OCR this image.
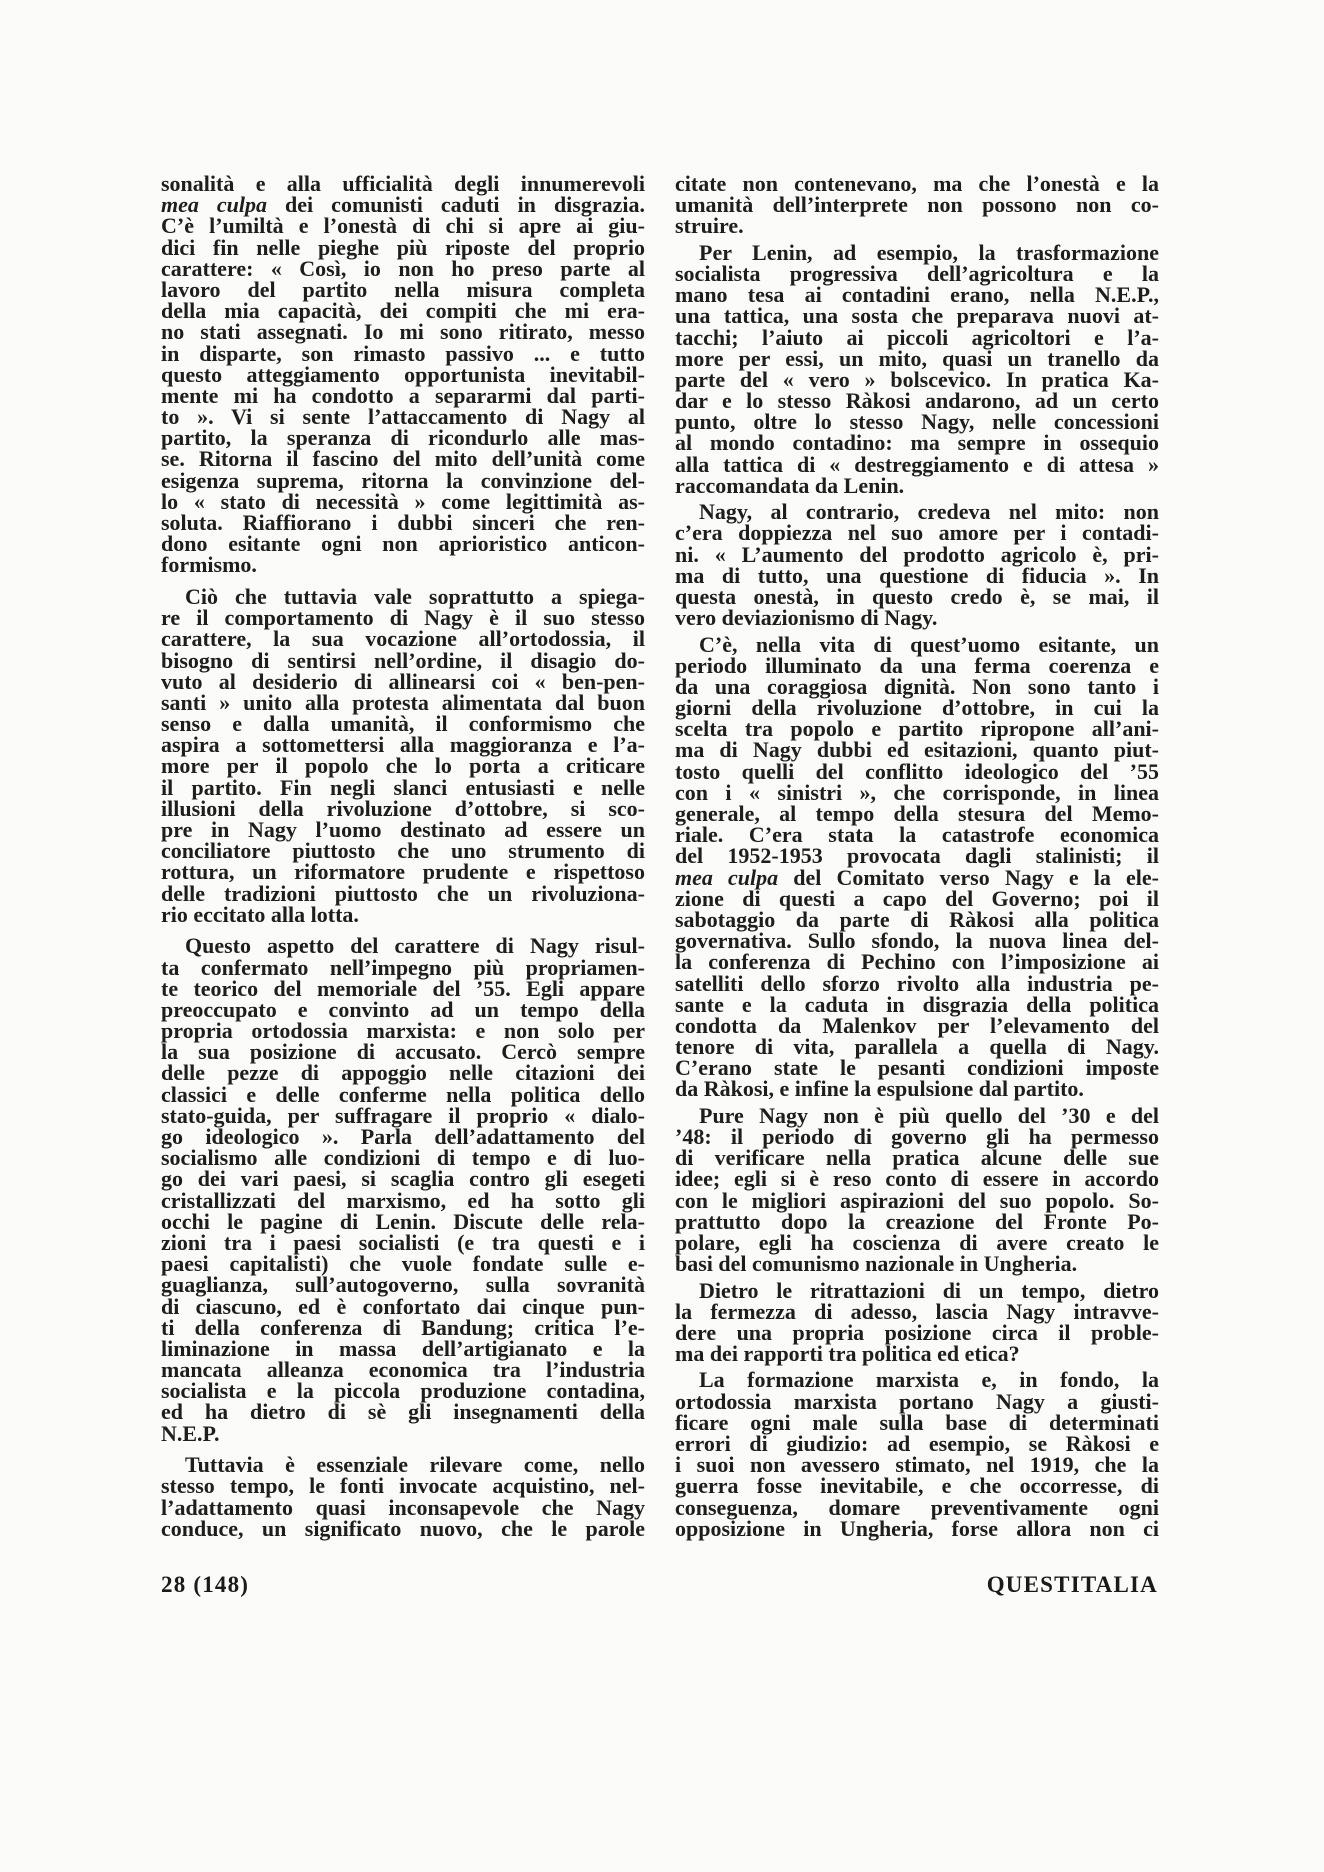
sonalità e alla ufficialità degli innumerevoli
mea culpa dei comunisti caduti in disgrazia.
C’è l’umiltà e l’onestà di chi si apre ai giu-
dici fin nelle pieghe più riposte del proprio
carattere: « Così, io non ho preso parte al
lavoro del partito nella misura completa
della mia capacità, dei compiti che mi era-
no stati assegnati. Io mi sono ritirato, messo
in disparte, son rimasto passivo ... e tutto
questo atteggiamento opportunista inevitabil-
mente mi ha condotto a separarmi dal parti-
to ». Vi si sente l’attaccamento di Nagy al
partito, la speranza di ricondurlo alle mas-
se. Ritorna il fascino del mito dell’unità come
esigenza suprema, ritorna la convinzione del-
lo « stato di necessità » come legittimità as-
soluta. Riaffiorano i dubbi sinceri che ren-
dono esitante ogni non aprioristico anticon-
formismo.
Ciò che tuttavia vale soprattutto a spiega-
re il comportamento di Nagy è il suo stesso
carattere, la sua vocazione all’ortodossia, il
bisogno di sentirsi nell’ordine, il disagio do-
vuto al desiderio di allinearsi coi « ben-pen-
santi » unito alla protesta alimentata dal buon
senso e dalla umanità, il conformismo che
aspira a sottomettersi alla maggioranza e l’a-
more per il popolo che lo porta a criticare
il partito. Fin negli slanci entusiasti e nelle
illusioni della rivoluzione d’ottobre, si sco-
pre in Nagy l’uomo destinato ad essere un
conciliatore piuttosto che uno strumento di
rottura, un riformatore prudente e rispettoso
delle tradizioni piuttosto che un rivoluziona-
rio eccitato alla lotta.
Questo aspetto del carattere di Nagy risul-
ta confermato nell’impegno più propriamen-
te teorico del memoriale del ’55. Egli appare
preoccupato e convinto ad un tempo della
propria ortodossia marxista: e non solo per
la sua posizione di accusato. Cercò sempre
delle pezze di appoggio nelle citazioni dei
classici e delle conferme nella politica dello
stato-guida, per suffragare il proprio « dialo-
go ideologico ». Parla dell’adattamento del
socialismo alle condizioni di tempo e di luo-
go dei vari paesi, si scaglia contro gli esegeti
cristallizzati del marxismo, ed ha sotto gli
occhi le pagine di Lenin. Discute delle rela-
zioni tra i paesi socialisti (e tra questi e i
paesi capitalisti) che vuole fondate sulle e-
guaglianza, sull’autogoverno, sulla sovranità
di ciascuno, ed è confortato dai cinque pun-
ti della conferenza di Bandung; critica l’e-
liminazione in massa dell’artigianato e la
mancata alleanza economica tra l’industria
socialista e la piccola produzione contadina,
ed ha dietro di sè gli insegnamenti della
N.E.P.
Tuttavia è essenziale rilevare come, nello
stesso tempo, le fonti invocate acquistino, nel-
l’adattamento quasi inconsapevole che Nagy
conduce, un significato nuovo, che le parole
citate non contenevano, ma che l’onestà e la
umanità dell’interprete non possono non co-
struire.
Per Lenin, ad esempio, la trasformazione
socialista progressiva dell’agricoltura e la
mano tesa ai contadini erano, nella N.E.P.,
una tattica, una sosta che preparava nuovi at-
tacchi; l’aiuto ai piccoli agricoltori e l’a-
more per essi, un mito, quasi un tranello da
parte del « vero » bolscevico. In pratica Ka-
dar e lo stesso Ràkosi andarono, ad un certo
punto, oltre lo stesso Nagy, nelle concessioni
al mondo contadino: ma sempre in ossequio
alla tattica di « destreggiamento e di attesa »
raccomandata da Lenin.
Nagy, al contrario, credeva nel mito: non
c’era doppiezza nel suo amore per i contadi-
ni. « L’aumento del prodotto agricolo è, pri-
ma di tutto, una questione di fiducia ». In
questa onestà, in questo credo è, se mai, il
vero deviazionismo di Nagy.
C’è, nella vita di quest’uomo esitante, un
periodo illuminato da una ferma coerenza e
da una coraggiosa dignità. Non sono tanto i
giorni della rivoluzione d’ottobre, in cui la
scelta tra popolo e partito ripropone all’ani-
ma di Nagy dubbi ed esitazioni, quanto piut-
tosto quelli del conflitto ideologico del ’55
con i « sinistri », che corrisponde, in linea
generale, al tempo della stesura del Memo-
riale. C’era stata la catastrofe economica
del 1952-1953 provocata dagli stalinisti; il
mea culpa del Comitato verso Nagy e la ele-
zione di questi a capo del Governo; poi il
sabotaggio da parte di Ràkosi alla politica
governativa. Sullo sfondo, la nuova linea del-
la conferenza di Pechino con l’imposizione ai
satelliti dello sforzo rivolto alla industria pe-
sante e la caduta in disgrazia della politica
condotta da Malenkov per l’elevamento del
tenore di vita, parallela a quella di Nagy.
C’erano state le pesanti condizioni imposte
da Ràkosi, e infine la espulsione dal partito.
Pure Nagy non è più quello del ’30 e del
’48: il periodo di governo gli ha permesso
di verificare nella pratica alcune delle sue
idee; egli si è reso conto di essere in accordo
con le migliori aspirazioni del suo popolo. So-
prattutto dopo la creazione del Fronte Po-
polare, egli ha coscienza di avere creato le
basi del comunismo nazionale in Ungheria.
Dietro le ritrattazioni di un tempo, dietro
la fermezza di adesso, lascia Nagy intravve-
dere una propria posizione circa il proble-
ma dei rapporti tra politica ed etica?
La formazione marxista e, in fondo, la
ortodossia marxista portano Nagy a giusti-
ficare ogni male sulla base di determinati
errori di giudizio: ad esempio, se Ràkosi e
i suoi non avessero stimato, nel 1919, che la
guerra fosse inevitabile, e che occorresse, di
conseguenza, domare preventivamente ogni
opposizione in Ungheria, forse allora non ci
28 (148)	QUESTITALIA
